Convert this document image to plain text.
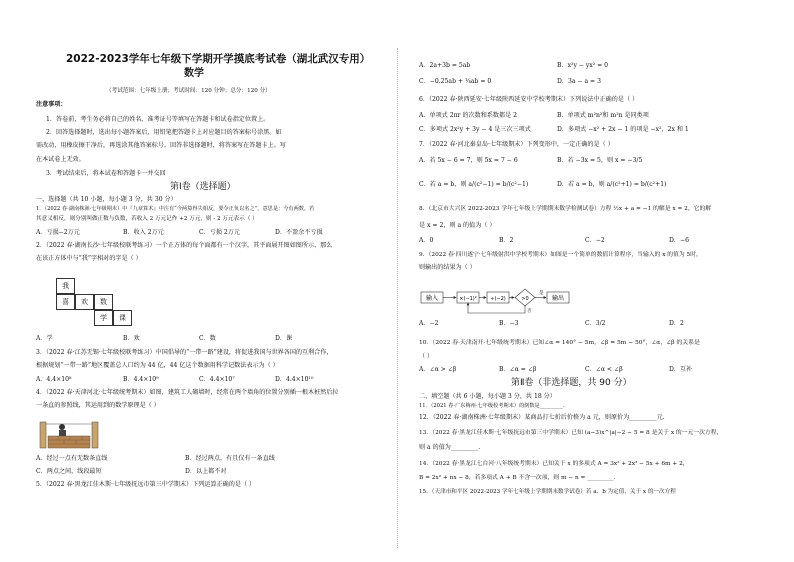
2022-2023学年七年级下学期开学摸底考试卷（湖北武汉专用）
数学
（考试范围：七年级上册；考试时间：120 分钟；总分：120 分）
注意事项：
1．答卷前，考生务必将自己的姓名、准考证号等填写在答题卡和试卷指定位置上。
2．回答选择题时，选出每小题答案后，用铅笔把答题卡上对应题目的答案标号涂黑。如
需改动，用橡皮擦干净后，再选涂其他答案标号。回答非选择题时，将答案写在答题卡上。写
在本试卷上无效。
3．考试结束后，将本试卷和答题卡一并交回
第Ⅰ卷（选择题）
一、选择题（共 10 小题，每小题 3 分，共 30 分）
1．（2022 春·湖南株洲·七年级期末）中『九章算术』中注有“今两算得失相反，要令正负以名之”，意思是：今有两数，若
其意义相反，则分别叫做正数与负数，若收入 2 万元记作 +2 万元，则 - 2 万元表示（ ）
A．亏损−2万元	B．收入 2万元	C．亏损 2万元	D．不盈余不亏损
2．（2022 春·湖南长沙·七年级校联考练习）一个正方体的每个面都有一个汉字，其平面展开图如图所示，那么
在该正方体中与“我”字相对的字是（ ）
我
喜	欢	数
学	课
A．学	B．欢	C．数	D．课
3．（2022 春·江苏无锡·七年级校联考练习）中国倡导的“一带一路”建设，将促进我国与世界各国的互利合作，
根据规划“一带一路”地区覆盖总人口约为 44 亿，44 亿这个数据用科学记数法表示为（ ）
A．4.4×10⁸	B．4.4×10⁹	C．4.4×10⁷	D．4.4×10¹⁰
4．（2022 春·天津河北·七年级统考期末）如图，建筑工人砌墙时，经常在两个墙角的位置分别插一根木桩然后拉
一条直的参照线，其运用到的数学原理是（ ）
A．经过一点有无数条直线	B．经过两点，有且仅有一条直线
C．两点之间，线段最短	D．以上都不对
5．（2022 春·黑龙江佳木斯·七年级抚远市第三中学期末）下列运算正确的是（ ）
A．2a+3b = 5ab	B．x²y − yx² = 0
C．−0.25ab + ¼ab = 0	D．3a − a = 3
6．（2022 春·陕西延安·七年级陕西延安中学校考期末）下列说法中正确的是（ ）
A．单项式 2πr 的次数和系数都是 2	B．单项式 m²n²和 m²n 是同类项
C．多项式 2x²y + 3y − 4 是三次三项式	D．多项式 −x² + 2x − 1 的项是 −x²，2x 和 1
7．（2022 春·河北秦皇岛·七年级期末）下列变形中，一定正确的是（ ）
A．若 5x − 6 = 7，则 5x = 7 − 6	B．若 −3x = 5，则 x = −3/5
C．若 a = b，则 a/(c²−1) = b/(c²−1)	D．若 a = b，则 a/(c²+1) = b/(c²+1)
8．（北京市大兴区 2022-2023 学年七年级上学期期末数学检测试卷）方程 ½x + a = −1 的解是 x = 2，它的解
是 x = 2，则 a 的值为（ ）
A．0	B．2	C．−2	D．−6
9．（2022 春·四川遂宁·七年级射洪中学校考期末）如图是一个简单的数值计算程序，当输入的 x 的值为 5时，
则输出的结果为（ ）
输入	×(−1)²	÷(−2)	>0
是
输出
否
A．−2	B．−3	C．3/2	D．2
10．（2022 春·天津南开·七年级统考期末）已知∠α = 140° − 5m，∠β = 5m − 50°，∠α，∠β 的关系是
（ ）
A．∠α > ∠β	B．∠α = ∠β	C．∠α < ∠β	D．互补
第Ⅱ卷（非选择题，共 90 分）
二、填空题（共 6 小题，每小题 3 分，共 18 分）
11．（2021 春·广东梅州·七年级校考期末）的倒数是_________.
12．（2022 春·湖南株洲·七年级期末）某商品打七折后价格为 a 元，则原价为_________元.
13．（2022 春·黑龙江佳木斯·七年级抚远市第三中学期末）已知 (a−3)x^|a|−2 − 5 = 8 是关于 x 的一元一次方程，
则 a 的值为_________.
14．（2022 春·黑龙江七台河·八年级统考期末）已知关于 x 的多项式 A = 3x² + 2x³ − 5x + 6m + 2，
B = 2x² + nx − 8，若多项式 A + B 不含一次项，则 m − n = _________.
15．（天津市和平区 2022-2023 学年七年级上学期期末数学试卷）若 a、b 为定值，关于 x 的一次方程
